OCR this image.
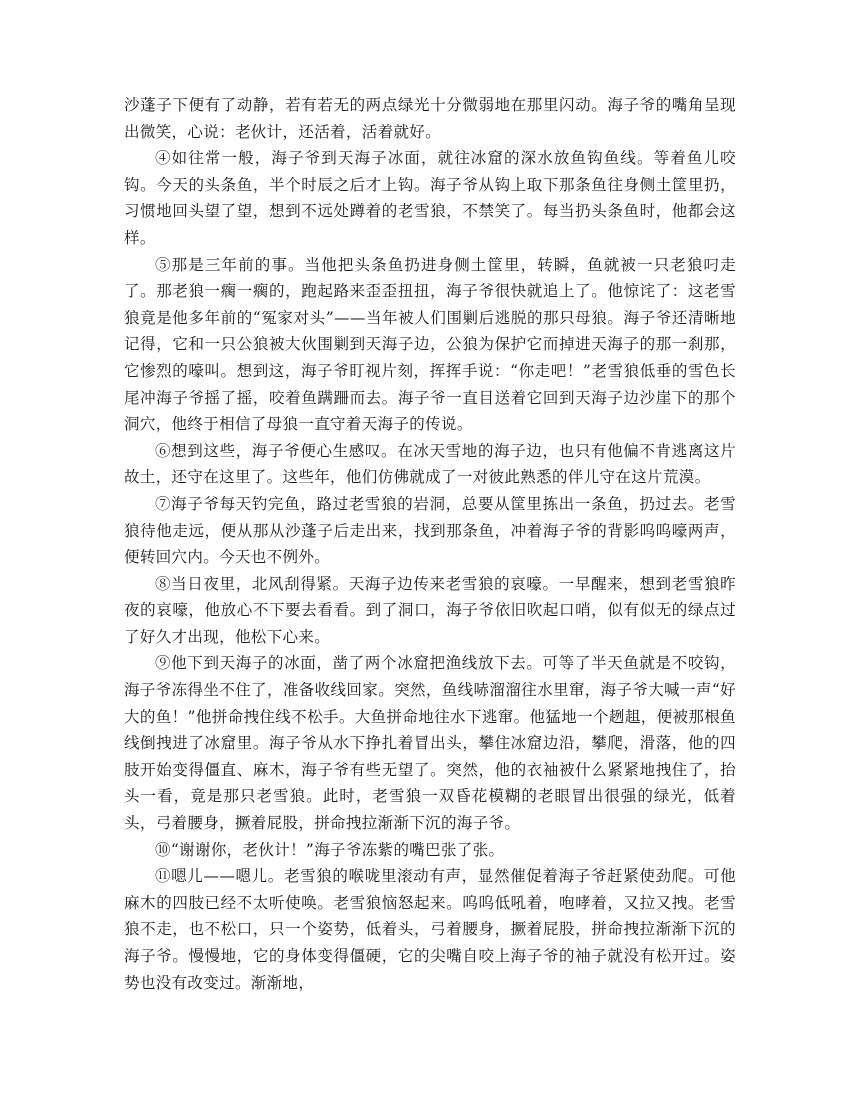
沙蓬子下便有了动静，若有若无的两点绿光十分微弱地在那里闪动。海子爷的嘴角呈现出微笑，心说：老伙计，还活着，活着就好。

④如往常一般，海子爷到天海子冰面，就往冰窟的深水放鱼钩鱼线。等着鱼儿咬钩。今天的头条鱼，半个时辰之后才上钩。海子爷从钩上取下那条鱼往身侧土筐里扔，习惯地回头望了望，想到不远处蹲着的老雪狼，不禁笑了。每当扔头条鱼时，他都会这样。

⑤那是三年前的事。当他把头条鱼扔进身侧土筐里，转瞬，鱼就被一只老狼叼走了。那老狼一瘸一瘸的，跑起路来歪歪扭扭，海子爷很快就追上了。他惊诧了：这老雪狼竟是他多年前的“冤家对头”——当年被人们围剿后逃脱的那只母狼。海子爷还清晰地记得，它和一只公狼被大伙围剿到天海子边，公狼为保护它而掉进天海子的那一刹那，它惨烈的嚎叫。想到这，海子爷盯视片刻，挥挥手说：“你走吧！”老雪狼低垂的雪色长尾冲海子爷摇了摇，咬着鱼蹒跚而去。海子爷一直目送着它回到天海子边沙崖下的那个洞穴，他终于相信了母狼一直守着天海子的传说。

⑥想到这些，海子爷便心生感叹。在冰天雪地的海子边，也只有他偏不肯逃离这片故土，还守在这里了。这些年，他们仿佛就成了一对彼此熟悉的伴儿守在这片荒漠。

⑦海子爷每天钓完鱼，路过老雪狼的岩洞，总要从筐里拣出一条鱼，扔过去。老雪狼待他走远，便从那从沙蓬子后走出来，找到那条鱼，冲着海子爷的背影呜呜嚎两声，便转回穴内。今天也不例外。

⑧当日夜里，北风刮得紧。天海子边传来老雪狼的哀嚎。一早醒来，想到老雪狼昨夜的哀嚎，他放心不下要去看看。到了洞口，海子爷依旧吹起口哨，似有似无的绿点过了好久才出现，他松下心来。

⑨他下到天海子的冰面，凿了两个冰窟把渔线放下去。可等了半天鱼就是不咬钩，海子爷冻得坐不住了，准备收线回家。突然，鱼线哧溜溜往水里窜，海子爷大喊一声“好大的鱼！”他拼命拽住线不松手。大鱼拼命地往水下逃窜。他猛地一个趔趄，便被那根鱼线倒拽进了冰窟里。海子爷从水下挣扎着冒出头，攀住冰窟边沿，攀爬，滑落，他的四肢开始变得僵直、麻木，海子爷有些无望了。突然，他的衣袖被什么紧紧地拽住了，抬头一看，竟是那只老雪狼。此时，老雪狼一双昏花模糊的老眼冒出很强的绿光，低着头，弓着腰身，撅着屁股，拼命拽拉渐渐下沉的海子爷。

⑩“谢谢你，老伙计！”海子爷冻紫的嘴巴张了张。

⑪嗯儿——嗯儿。老雪狼的喉咙里滚动有声，显然催促着海子爷赶紧使劲爬。可他麻木的四肢已经不太听使唤。老雪狼恼怒起来。呜呜低吼着，咆哮着，又拉又拽。老雪狼不走，也不松口，只一个姿势，低着头，弓着腰身，撅着屁股，拼命拽拉渐渐下沉的海子爷。慢慢地，它的身体变得僵硬，它的尖嘴自咬上海子爷的袖子就没有松开过。姿势也没有改变过。渐渐地，
